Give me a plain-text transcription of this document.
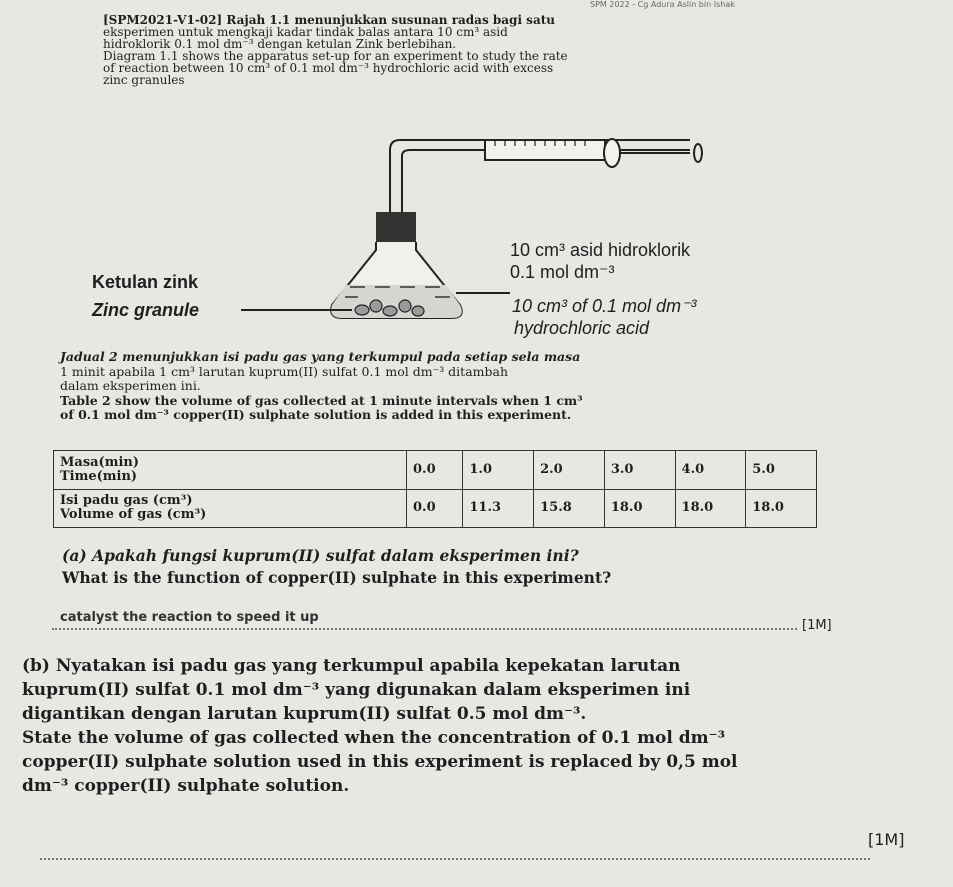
SPM 2022 - Cg Adura Aslin bin Ishak
[SPM2021-V1-02] Rajah 1.1 menunjukkan susunan radas bagi satu
eksperimen untuk mengkaji kadar tindak balas antara 10 cm³ asid
hidroklorik 0.1 mol dm⁻³ dengan ketulan Zink berlebihan.
Diagram 1.1 shows the apparatus set-up for an experiment to study the rate
of reaction between 10 cm³ of 0.1 mol dm⁻³ hydrochloric acid with excess
zinc granules
Ketulan zink
Zinc granule
10 cm³ asid hidroklorik
0.1 mol dm⁻³
10 cm³ of 0.1 mol dm⁻³
hydrochloric acid
Jadual 2 menunjukkan isi padu gas yang terkumpul pada setiap sela masa
1 minit apabila 1 cm³ larutan kuprum(II) sulfat 0.1 mol dm⁻³ ditambah
dalam eksperimen ini.
Table 2 show the volume of gas collected at 1 minute intervals when 1 cm³
of 0.1 mol dm⁻³ copper(II) sulphate solution is added in this experiment.
Masa(min)
Time(min)	0.0	1.0	2.0	3.0	4.0	5.0

Isi padu gas (cm³)
Volume of gas (cm³)	0.0	11.3	15.8	18.0	18.0	18.0
(a) Apakah fungsi kuprum(II) sulfat dalam eksperimen ini?
What is the function of copper(II) sulphate in this experiment?
catalyst the reaction to speed it up
[1M]
(b) Nyatakan isi padu gas yang terkumpul apabila kepekatan larutan
kuprum(II) sulfat 0.1 mol dm⁻³ yang digunakan dalam eksperimen ini
digantikan dengan larutan kuprum(II) sulfat 0.5 mol dm⁻³.
State the volume of gas collected when the concentration of 0.1 mol dm⁻³
copper(II) sulphate solution used in this experiment is replaced by 0,5 mol
dm⁻³ copper(II) sulphate solution.
[1M]
